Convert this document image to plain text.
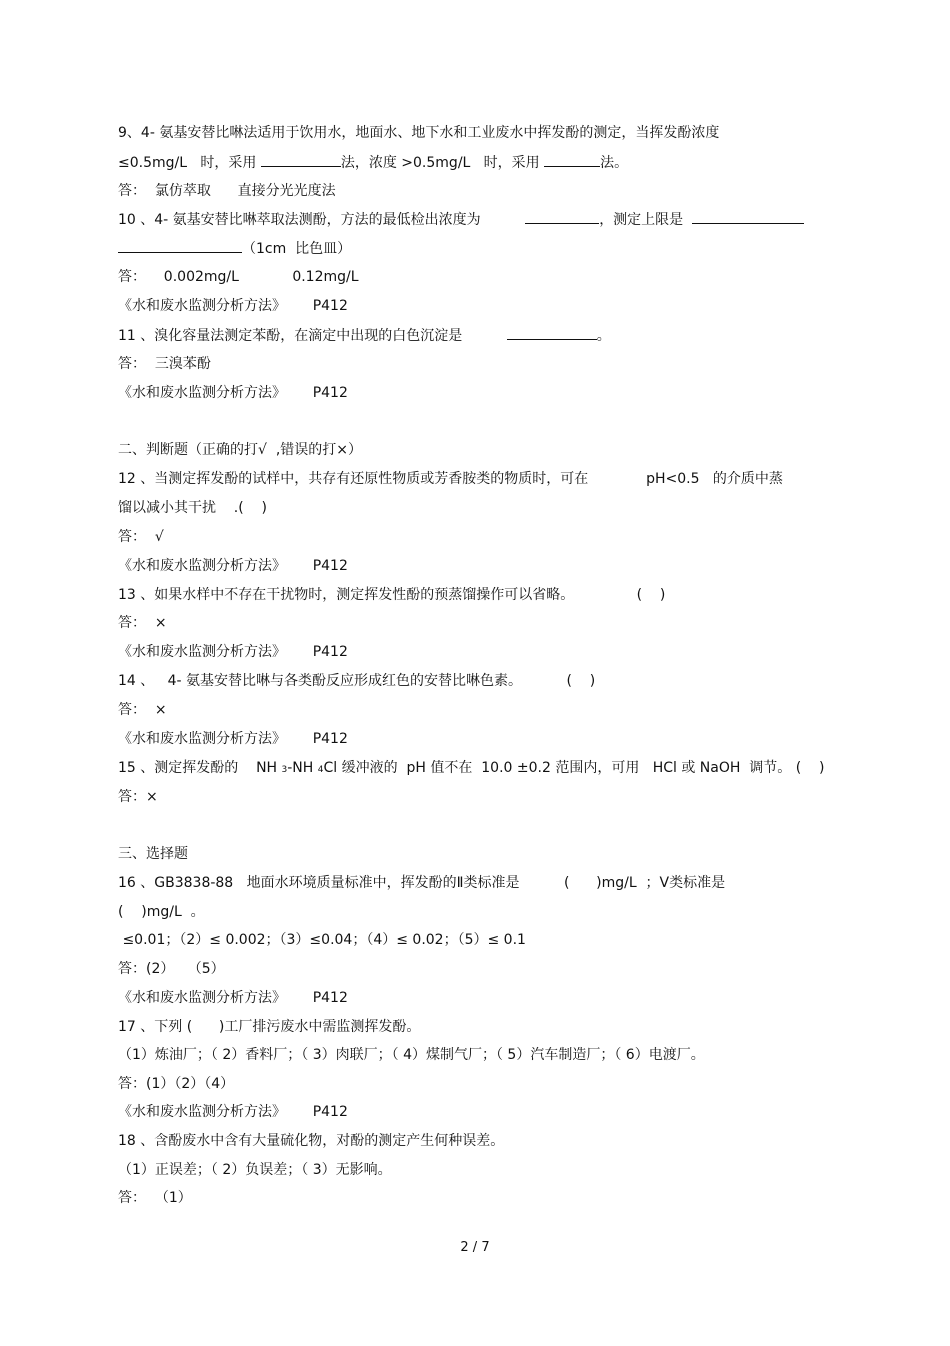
9、4- 氨基安替比啉法适用于饮用水，地面水、地下水和工业废水中挥发酚的测定，当挥发酚浓度
≤0.5mg/L   时，采用	法，浓度 >0.5mg/L   时，采用	法。
答：  氯仿萃取      直接分光光度法
10 、4- 氨基安替比啉萃取法测酚，方法的最低检出浓度为	，测定上限是
（1cm  比色皿）
答：    0.002mg/L            0.12mg/L
《水和废水监测分析方法》      P412
11 、溴化容量法测定苯酚，在滴定中出现的白色沉淀是	。
答：  三溴苯酚
《水和废水监测分析方法》      P412
二、判断题（正确的打√  ,错误的打×）
12 、当测定挥发酚的试样中，共存有还原性物质或芳香胺类的物质时，可在             pH<0.5   的介质中蒸
馏以减小其干扰    .(    )
答：  √
《水和废水监测分析方法》      P412
13 、如果水样中不存在干扰物时，测定挥发性酚的预蒸馏操作可以省略。              (    )
答：  ×
《水和废水监测分析方法》      P412
14 、   4- 氨基安替比啉与各类酚反应形成红色的安替比啉色素。          (    )
答：  ×
《水和废水监测分析方法》      P412
15 、测定挥发酚的    NH 3-NH 4Cl 缓冲液的  pH 值不在  10.0 ±0.2 范围内，可用   HCl 或 NaOH  调节。 (    )
答：×
三、选择题
16 、GB3838-88   地面水环境质量标准中，挥发酚的Ⅱ类标准是          (      )mg/L  ；Ⅴ类标准是
(    )mg/L  。
≤0.01；（2）≤ 0.002；（3）≤0.04；（4）≤ 0.02；（5）≤ 0.1
答：(2）   （5）
《水和废水监测分析方法》      P412
17 、下列 (      )工厂排污废水中需监测挥发酚。
（1）炼油厂；（ 2）香料厂；（ 3）肉联厂；（ 4）煤制气厂；（ 5）汽车制造厂；（ 6）电渡厂。
答：(1）（2）（4）
《水和废水监测分析方法》      P412
18 、含酚废水中含有大量硫化物，对酚的测定产生何种误差。
（1）正误差；（ 2）负误差；（ 3）无影响。
答：  （1）
2 / 7
